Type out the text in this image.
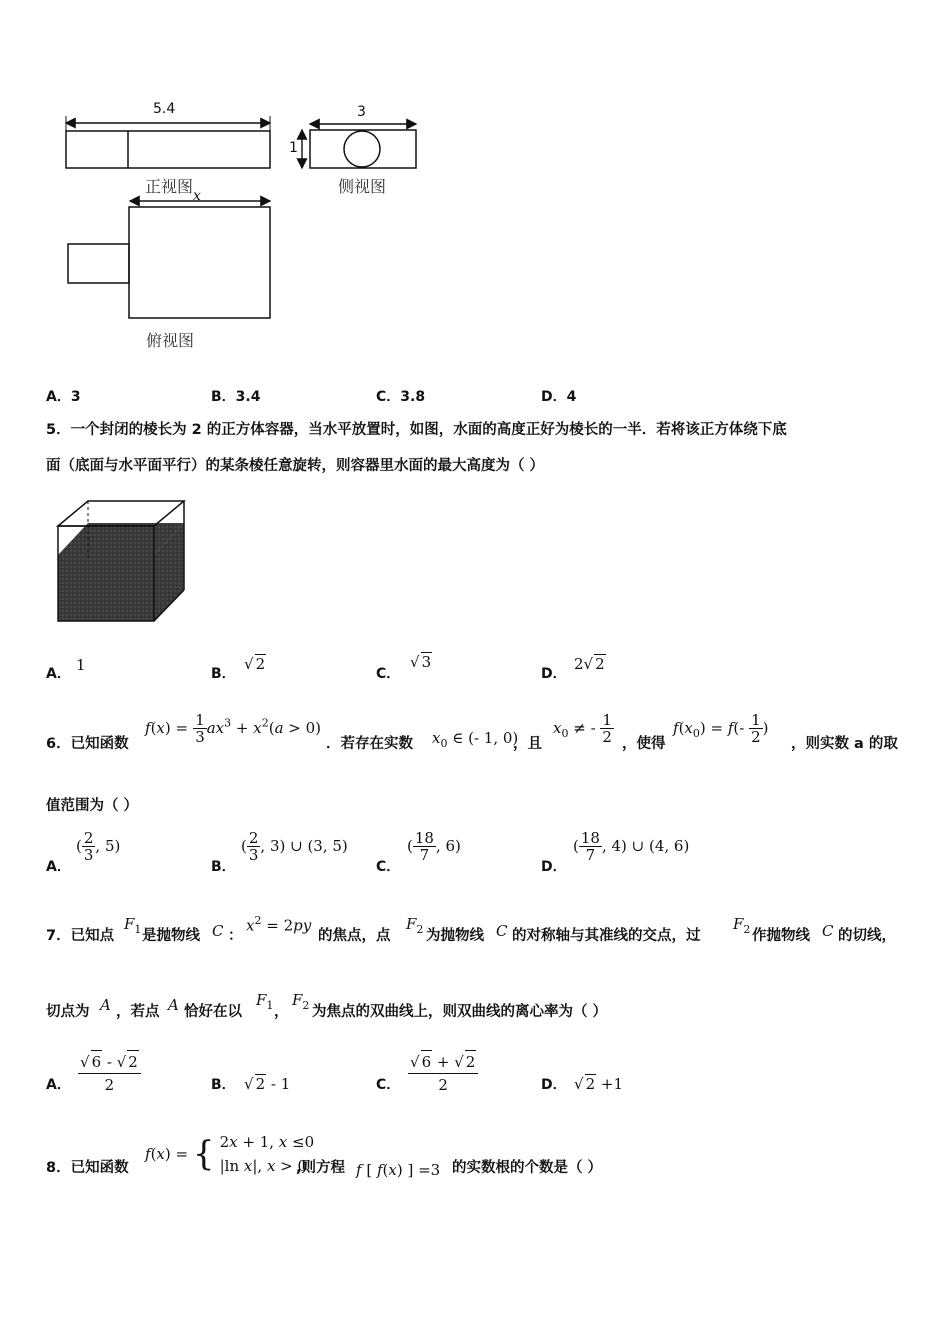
5.4	3
1
x
正视图	侧视图
俯视图
A．3	B．3.4	C．3.8	D．4
5．一个封闭的棱长为 2 的正方体容器，当水平放置时，如图，水面的高度正好为棱长的一半．若将该正方体绕下底
面（底面与水平面平行）的某条棱任意旋转，则容器里水面的最大高度为（ ）
A． 1	B．
√ 2
C．
√ 3
D．
2√ 2
6．已知函数
$f(x) = \frac{1}{3} ax^3 + x^2(a > 0)$
．若存在实数 $x_0$ ∈ (- 1, 0)
，且
$x_0$ ≠ - $\frac{1}{2}$ ，使得
$f(x_0) = f(- \frac{1}{2}$ )
，则实数 a 的取
值范围为（ ）
A．
( $\frac{2}{3}$ , 5)
B．
( $\frac{2}{3}$ , 3) ∪ (3, 5)
C．
( $\frac{18}{7}$ , 6)
D．
( $\frac{18}{7}$ , 4) ∪ (4, 6)
7．已知点
$F_1$ 是抛物线 C ：
$x^2 = 2py$
的焦点，点
$F_2$ 为抛物线 C 的对称轴与其准线的交点，过
$F_2$ 作抛物线 C 的切线，
切点为 A ，若点 A 恰好在以
$F_1$ ，
$F_2$ 为焦点的双曲线上，则双曲线的离心率为（ ）
A． $\frac{√ 6 - √ 2}{2}$	B． √ 2 - 1	C． $\frac{√ 6 + √ 2}{2}$	D． √ 2 +1
8．已知函数
f(x) = { 2x + 1, x ≤0
|ln x|, x > 0
,则方程 f [ f(x) ] =3 的实数根的个数是（ ）
